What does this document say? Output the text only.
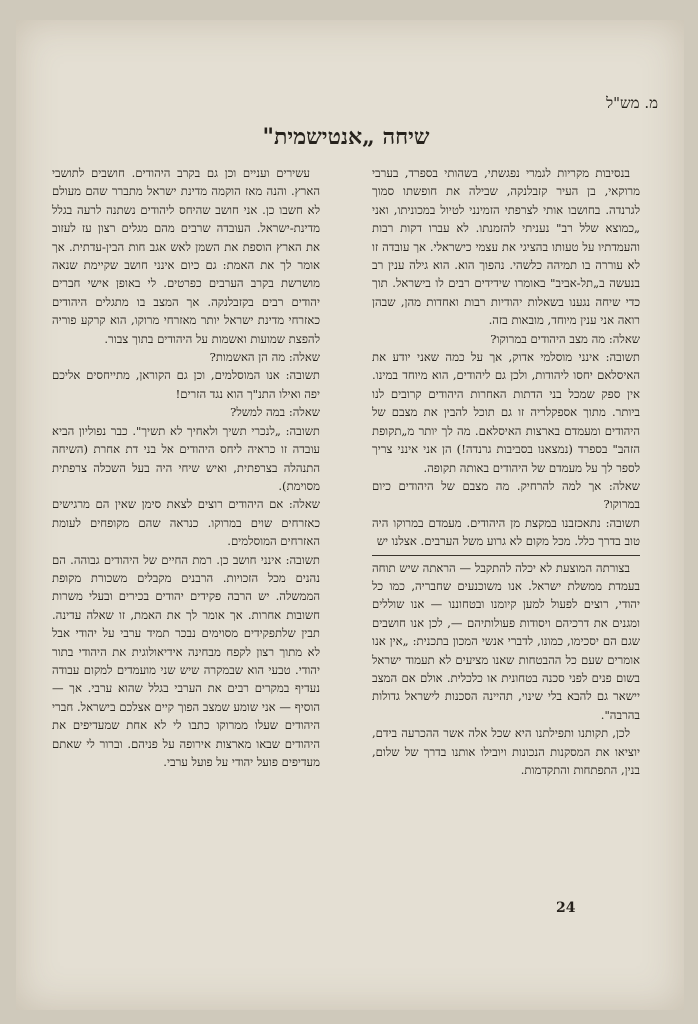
מ. מש"ל
שיחה „אנטישמית"

בנסיבות מקריות לגמרי נפגשתי, בשהותי בספרד, בערבי מרוקאי, בן העיר קזבלנקה, שבילה את חופשתו סמוך לגרנדה. בחושבו אותי לצרפתי הזמינני לטיול במכוניתו, ואני „כמוצא שלל רב" נעניתי להזמנתו. לא עברו דקות רבות והעמדתיו על טעותו בהציגי את עצמי כישראלי. אך עובדה זו לא עוררה בו תמיהה כלשהי. נהפוך הוא. הוא גילה ענין רב בנעשה ב„תל-אביב" באומרו שידידים רבים לו בישראל. תוך כדי שיחה נגענו בשאלות יהודיות רבות ואחדות מהן, שבהן רואה אני ענין מיוחד, מובאות בזה.

שאלה: מה מצב היהודים במרוקו?

תשובה: אינני מוסלמי אדוק, אך על כמה שאני יודע את האיסלאם יחסו ליהודות, ולכן גם ליהודים, הוא מיוחד במינו. אין ספק שמכל בני הדתות האחרות היהודים קרובים לנו ביותר. מתוך אספקלריה זו גם תוכל להבין את מצבם של היהודים ומעמדם בארצות האיסלאם. מה לך יותר מ„תקופת הזהב" בספרד (נמצאנו בסביבות גרנדה!) הן אני אינני צריך לספר לך על מעמדם של היהודים באותה תקופה.

שאלה: אך למה להרחיק. מה מצבם של היהודים כיום במרוקו?

תשובה: נתאכזבנו במקצת מן היהודים. מעמדם במרוקו היה טוב בדרך כלל. מכל מקום לא גרוע משל הערבים. אצלנו יש

בצורתה המוצעת לא יכלה להתקבל — הראתה שיש תוחה בעמדת ממשלת ישראל. אנו משוכנעים שחבריה, כמו כל יהודי, רוצים לפעול למען קיומנו ובטחוננו — אנו שוללים ומגנים את דרכיהם ויסודות פעולותיהם —, לכן אנו חושבים שגם הם יסכימו, כמונו, לדברי אנשי המכון בתכנית: „אין אנו אומרים שעם כל ההבטחות שאנו מציעים לא תעמוד ישראל בשום פנים לפני סכנה בטחונית או כלכלית. אולם אם המצב יישאר גם להבא בלי שינוי, תהיינה הסכנות לישראל גדולות בהרבה".

לכן, תקותנו ותפילתנו היא שכל אלה אשר ההכרעה בידם, יוציאו את המסקנות הנכונות ויובילו אותנו בדרך של שלום, בנין, התפתחות והתקדמות.

עשירים ועניים וכן גם בקרב היהודים. חושבים לתושבי הארץ. והנה מאז הוקמה מדינת ישראל מתברר שהם מעולם לא חשבו כן. אני חושב שהיחס ליהודים נשתנה לרעה בגלל מדינת-ישראל. העובדה שרבים מהם מגלים רצון עז לעזוב את הארץ הוספת את השמן לאש אגב חות הבין-עדתית. אך אומר לך את האמת: גם כיום אינני חושב שקיימת שנאה מושרשת בקרב הערבים כפרטים. לי באופן אישי חברים יהודים רבים בקזבלנקה. אך המצב בו מתגלים היהודים כאזרחי מדינת ישראל יותר מאזרחי מרוקו, הוא קרקע פוריה להפצת שמועות ואשמות על היהודים בתוך צבור.

שאלה: מה הן האשמות?

תשובה: אנו המוסלמים, וכן גם הקוראן, מתייחסים אליכם יפה ואילו התנ"ך הוא נגד הזרים!

שאלה: במה למשל?

תשובה: „לנכרי תשיך ולאחיך לא תשיך". כבר נפוליון הביא עובדה זו כראיה ליחס היהודים אל בני דת אחרת (השיחה התנהלה בצרפתית, ואיש שיחי היה בעל השכלה צרפתית מסוימת).

שאלה: אם היהודים רוצים לצאת סימן שאין הם מרגישים כאזרחים שוים במרוקו. כנראה שהם מקופחים לעומת האזרחים המוסלמים.

תשובה: אינני חושב כן. רמת החיים של היהודים גבוהה. הם נהנים מכל הזכויות. הרבנים מקבלים משכורת מקופת הממשלה. יש הרבה פקידים יהודים בכירים ובעלי משרות חשובות אחרות. אך אומר לך את האמת, זו שאלה עדינה. תבין שלתפקידים מסוימים נבכר תמיד ערבי על יהודי אבל לא מתוך רצון לקפח מבחינה אידיאולוגית את היהודי בתור יהודי. טבעי הוא שבמקרה שיש שני מועמדים למקום עבודה נעדיף במקרים רבים את הערבי בגלל שהוא ערבי. אך — הוסיף — אני שומע שמצב הפוך קיים אצלכם בישראל. חברי היהודים שעלו ממרוקו כתבו לי לא אחת שמעדיפים את היהודים שבאו מארצות אירופה על פניהם. וברור לי שאתם מעדיפים פועל יהודי על פועל ערבי.

24
